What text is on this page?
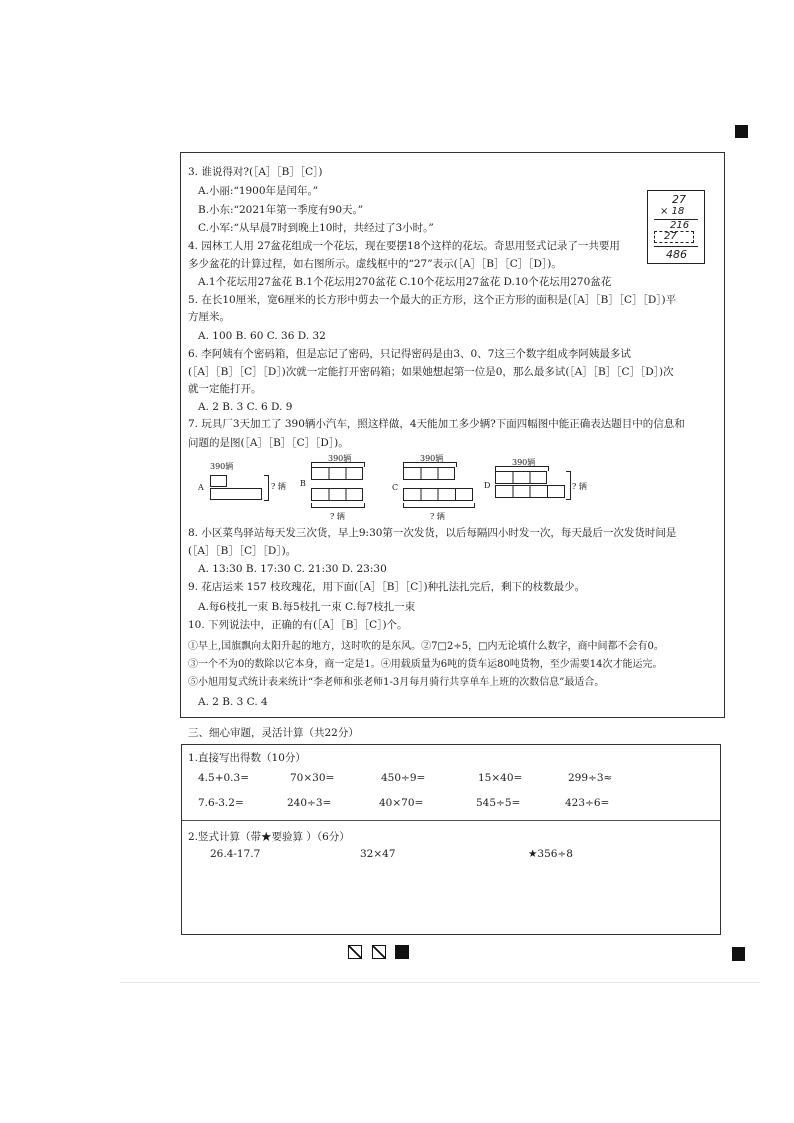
3. 谁说得对?(［A］［B］［C］)
A.小丽:“1900年是闰年。”
B.小东:“2021年第一季度有90天。”
C.小军:“从早晨7时到晚上10时，共经过了3小时。”
27
× 18
216
27
486
4. 园林工人用 27盆花组成一个花坛，现在要摆18个这样的花坛。奇思用竖式记录了一共要用
多少盆花的计算过程，如右图所示。虚线框中的“27”表示(［A］［B］［C］［D］)。
A.1个花坛用27盆花 B.1个花坛用270盆花 C.10个花坛用27盆花 D.10个花坛用270盆花
5. 在长10厘米，宽6厘米的长方形中剪去一个最大的正方形，这个正方形的面积是(［A］［B］［C］［D］)平
方厘米。
A. 100 B. 60 C. 36 D. 32
6. 李阿姨有个密码箱，但是忘记了密码，只记得密码是由3、0、7这三个数字组成李阿姨最多试
(［A］［B］［C］［D］)次就一定能打开密码箱；如果她想起第一位是0，那么最多试(［A］［B］［C］［D］)次
就一定能打开。
A. 2 B. 3 C. 6 D. 9
7. 玩具厂3天加工了 390辆小汽车，照这样做，4天能加工多少辆?下面四幅图中能正确表达题目中的信息和
问题的是图(［A］［B］［C］［D］)。
A
390辆
? 辆 B
390辆
? 辆
C
390辆
? 辆
D
390辆
? 辆
8. 小区菜鸟驿站每天发三次货，早上9:30第一次发货，以后每隔四小时发一次，每天最后一次发货时间是
(［A］［B］［C］［D］)。
A. 13:30 B. 17:30 C. 21:30 D. 23:30
9. 花店运来 157 枝玫瑰花，用下面(［A］［B］［C］)种扎法扎完后，剩下的枝数最少。
A.每6枝扎一束 B.每5枝扎一束 C.每7枝扎一束
10. 下列说法中，正确的有(［A］［B］［C］)个。
①早上,国旗飘向太阳升起的地方，这时吹的是东风。②7□2÷5，□内无论填什么数字，商中间都不会有0。
③一个不为0的数除以它本身，商一定是1。④用载质量为6吨的货车运80吨货物，至少需要14次才能运完。
⑤小旭用复式统计表来统计“李老师和张老师1-3月每月骑行共享单车上班的次数信息”最适合。
A. 2 B. 3 C. 4
三、细心审题，灵活计算（共22分）
1.直接写出得数（10分）
4.5+0.3=	70×30=	450÷9=	15×40=	299÷3≈
7.6-3.2=	240÷3=	40×70=	545÷5=	423÷6=
2.竖式计算（带★要验算 ）（6分）
26.4-17.7	32×47	★356÷8
